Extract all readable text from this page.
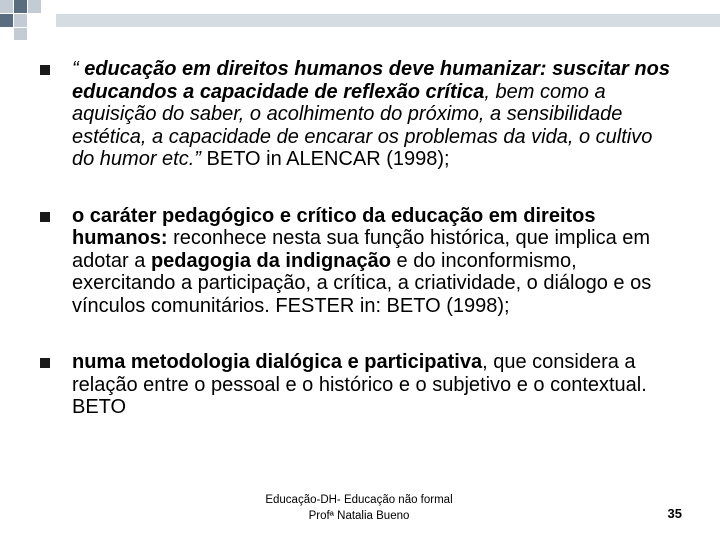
“ educação em direitos humanos deve humanizar: suscitar nos educandos a capacidade de reflexão crítica, bem como a aquisição do saber, o acolhimento do próximo, a sensibilidade estética, a capacidade de encarar os problemas da vida, o cultivo do humor etc.” BETO in ALENCAR (1998);
o caráter pedagógico e crítico da educação em direitos humanos: reconhece nesta sua função histórica, que implica em adotar a pedagogia da indignação e do inconformismo, exercitando a participação, a crítica, a criatividade, o diálogo e os vínculos comunitários. FESTER in: BETO (1998);
numa metodologia dialógica e participativa, que considera a relação entre o pessoal e o histórico e o subjetivo e o contextual. BETO
Educação-DH- Educação não formal
Profª Natalia Bueno	35
